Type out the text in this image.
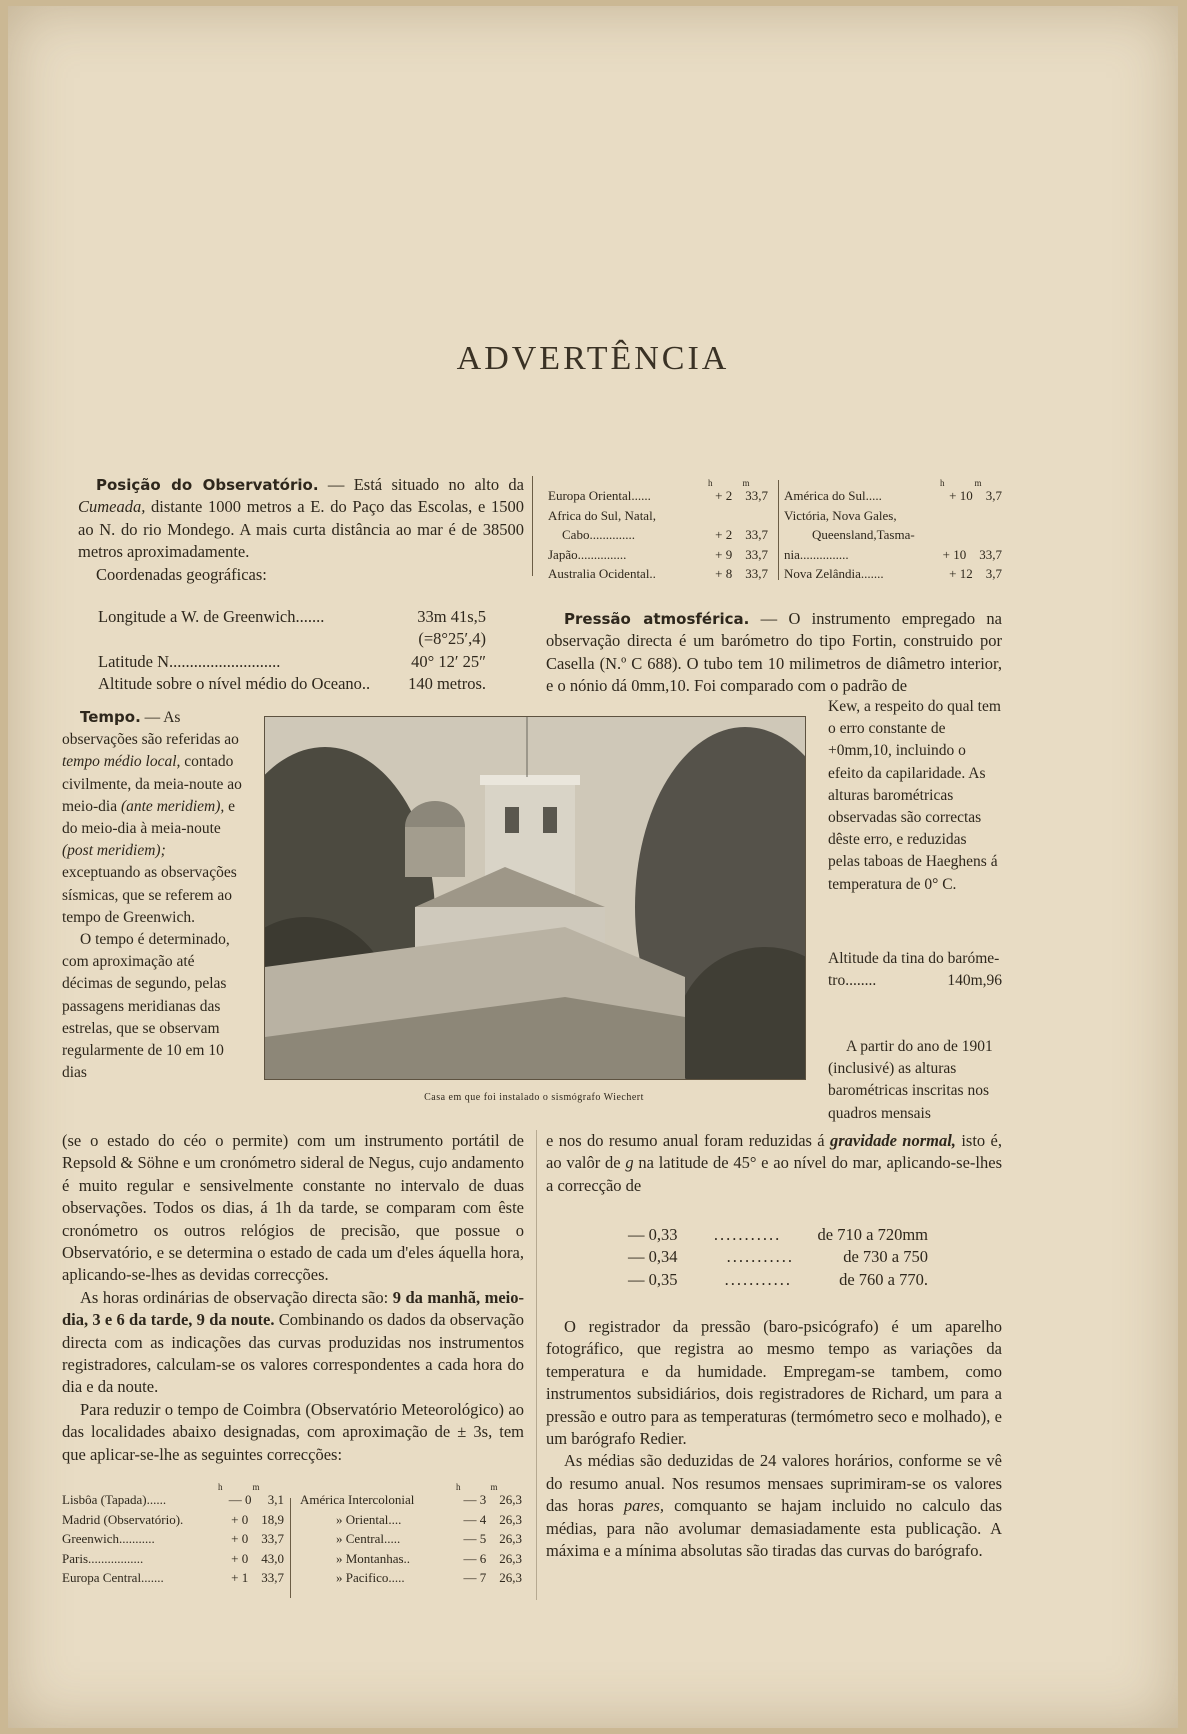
ADVERTÊNCIA

Posição do Observatório. — Está situado no alto da Cumeada, distante 1000 metros a E. do Paço das Escolas, e 1500 ao N. do rio Mondego. A mais curta distância ao mar é de 38500 metros aproximadamente.

Coordenadas geográficas:

Longitude a W. de Greenwich.......	33m 41s,5
(=8°25′,4)
Latitude N...........................	40° 12′ 25″
Altitude sobre o nível médio do Oceano.. 140 metros.
h	m
Europa Oriental......	+ 2 33,7
Africa do Sul, Natal,
Cabo..............	+ 2 33,7
Japão...............	+ 9 33,7
Australia Ocidental..	+ 8 33,7
h	m
América do Sul.....	+ 10 3,7
Victória, Nova Gales,
Queensland,Tasma-
nia...............	+ 10 33,7
Nova Zelândia.......	+ 12 3,7

Pressão atmosférica. — O instrumento empregado na observação directa é um barómetro do tipo Fortin, construido por Casella (N.º C 688). O tubo tem 10 milimetros de diâmetro interior, e o nónio dá 0mm,10. Foi comparado com o padrão de

Tempo. — As observações são referidas ao tempo médio local, contado civilmente, da meia-noute ao meio-dia (ante meridiem), e do meio-dia à meia-noute (post meridiem); exceptuando as observações sísmicas, que se referem ao tempo de Greenwich.

O tempo é determinado, com aproximação até décimas de segundo, pelas passagens meridianas das estrelas, que se observam regularmente de 10 em 10 dias

Casa em que foi instalado o sismógrafo Wiechert

Kew, a respeito do qual tem o erro constante de +0mm,10, incluindo o efeito da capilaridade. As alturas barométricas observadas são correctas dêste erro, e reduzidas pelas taboas de Haeghens á temperatura de 0° C.

Altitude da tina do baróme-tro........	140m,96

A partir do ano de 1901 (inclusivé) as alturas barométricas inscritas nos quadros mensais

(se o estado do céo o permite) com um instrumento portátil de Repsold & Söhne e um cronómetro sideral de Negus, cujo andamento é muito regular e sensivelmente constante no intervalo de duas observações. Todos os dias, á 1h da tarde, se comparam com êste cronómetro os outros relógios de precisão, que possue o Observatório, e se determina o estado de cada um d'eles áquella hora, aplicando-se-lhes as devidas correcções.

As horas ordinárias de observação directa são: 9 da manhã, meio-dia, 3 e 6 da tarde, 9 da noute. Combinando os dados da observação directa com as indicações das curvas produzidas nos instrumentos registradores, calculam-se os valores correspondentes a cada hora do dia e da noute.

Para reduzir o tempo de Coimbra (Observatório Meteorológico) ao das localidades abaixo designadas, com aproximação de ± 3s, tem que aplicar-se-lhe as seguintes correcções:

h	m
Lisbôa (Tapada)......	— 0 3,1
Madrid (Observatório).	+ 0 18,9
Greenwich...........	+ 0 33,7
Paris.................	+ 0 43,0
Europa Central.......	+ 1 33,7
h	m
América Intercolonial	— 3 26,3
» Oriental....	— 4 26,3
» Central.....	— 5 26,3
» Montanhas..	— 6 26,3
» Pacifico.....	— 7 26,3

e nos do resumo anual foram reduzidas á gravidade normal, isto é, ao valôr de g na latitude de 45° e ao nível do mar, aplicando-se-lhes a correcção de

— 0,33	...........	de 710 a 720mm
— 0,34	...........	de 730 a 750
— 0,35	...........	de 760 a 770.

O registrador da pressão (baro-psicógrafo) é um aparelho fotográfico, que registra ao mesmo tempo as variações da temperatura e da humidade. Empregam-se tambem, como instrumentos subsidiários, dois registradores de Richard, um para a pressão e outro para as temperaturas (termómetro seco e molhado), e um barógrafo Redier.

As médias são deduzidas de 24 valores horários, conforme se vê do resumo anual. Nos resumos mensaes suprimiram-se os valores das horas pares, comquanto se hajam incluido no calculo das médias, para não avolumar demasiadamente esta publicação. A máxima e a mínima absolutas são tiradas das curvas do barógrafo.
